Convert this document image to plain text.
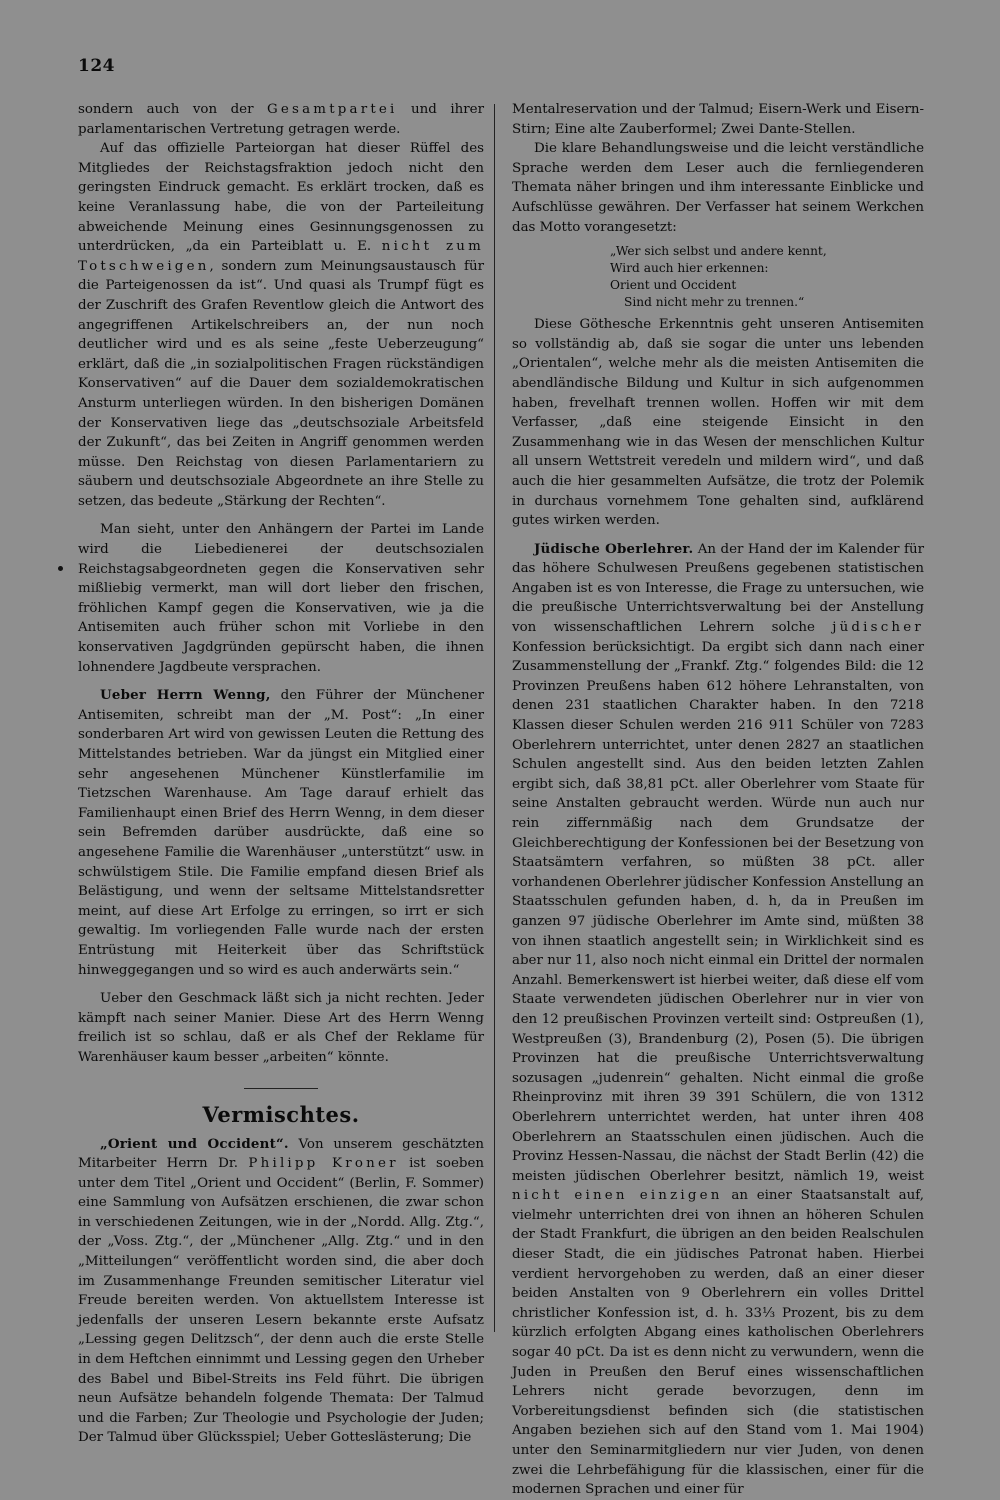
124

sondern auch von der Gesamtpartei und ihrer parlamentarischen Vertretung getragen werde.

Auf das offizielle Parteiorgan hat dieser Rüffel des Mitgliedes der Reichstagsfraktion jedoch nicht den geringsten Eindruck gemacht. Es erklärt trocken, daß es keine Veranlassung habe, die von der Parteileitung abweichende Meinung eines Gesinnungsgenossen zu unterdrücken, „da ein Parteiblatt u. E. nicht zum Totschweigen, sondern zum Meinungsaustausch für die Parteigenossen da ist“. Und quasi als Trumpf fügt es der Zuschrift des Grafen Reventlow gleich die Antwort des angegriffenen Artikelschreibers an, der nun noch deutlicher wird und es als seine „feste Ueberzeugung“ erklärt, daß die „in sozialpolitischen Fragen rückständigen Konservativen“ auf die Dauer dem sozialdemokratischen Ansturm unterliegen würden. In den bisherigen Domänen der Konservativen liege das „deutschsoziale Arbeitsfeld der Zukunft“, das bei Zeiten in Angriff genommen werden müsse. Den Reichstag von diesen Parlamentariern zu säubern und deutschsoziale Abgeordnete an ihre Stelle zu setzen, das bedeute „Stärkung der Rechten“.

Man sieht, unter den Anhängern der Partei im Lande wird die Liebedienerei der deutschsozialen Reichstagsabgeordneten gegen die Konservativen sehr mißliebig vermerkt, man will dort lieber den frischen, fröhlichen Kampf gegen die Konservativen, wie ja die Antisemiten auch früher schon mit Vorliebe in den konservativen Jagdgründen gepürscht haben, die ihnen lohnendere Jagdbeute versprachen.

Ueber Herrn Wenng, den Führer der Münchener Antisemiten, schreibt man der „M. Post“: „In einer sonderbaren Art wird von gewissen Leuten die Rettung des Mittelstandes betrieben. War da jüngst ein Mitglied einer sehr angesehenen Münchener Künstlerfamilie im Tietzschen Warenhause. Am Tage darauf erhielt das Familienhaupt einen Brief des Herrn Wenng, in dem dieser sein Befremden darüber ausdrückte, daß eine so angesehene Familie die Warenhäuser „unterstützt“ usw. in schwülstigem Stile. Die Familie empfand diesen Brief als Belästigung, und wenn der seltsame Mittelstandsretter meint, auf diese Art Erfolge zu erringen, so irrt er sich gewaltig. Im vorliegenden Falle wurde nach der ersten Entrüstung mit Heiterkeit über das Schriftstück hinweggegangen und so wird es auch anderwärts sein.“

Ueber den Geschmack läßt sich ja nicht rechten. Jeder kämpft nach seiner Manier. Diese Art des Herrn Wenng freilich ist so schlau, daß er als Chef der Reklame für Warenhäuser kaum besser „arbeiten“ könnte.

Vermischtes.

„Orient und Occident“. Von unserem geschätzten Mitarbeiter Herrn Dr. Philipp Kroner ist soeben unter dem Titel „Orient und Occident“ (Berlin, F. Sommer) eine Sammlung von Aufsätzen erschienen, die zwar schon in verschiedenen Zeitungen, wie in der „Nordd. Allg. Ztg.“, der „Voss. Ztg.“, der „Münchener „Allg. Ztg.“ und in den „Mitteilungen“ veröffentlicht worden sind, die aber doch im Zusammenhange Freunden semitischer Literatur viel Freude bereiten werden. Von aktuellstem Interesse ist jedenfalls der unseren Lesern bekannte erste Aufsatz „Lessing gegen Delitzsch“, der denn auch die erste Stelle in dem Heftchen einnimmt und Lessing gegen den Urheber des Babel und Bibel-Streits ins Feld führt. Die übrigen neun Aufsätze behandeln folgende Themata: Der Talmud und die Farben; Zur Theologie und Psychologie der Juden; Der Talmud über Glücksspiel; Ueber Gotteslästerung; Die

Mentalreservation und der Talmud; Eisern-Werk und Eisern-Stirn; Eine alte Zauberformel; Zwei Dante-Stellen.

Die klare Behandlungsweise und die leicht verständliche Sprache werden dem Leser auch die fernliegenderen Themata näher bringen und ihm interessante Einblicke und Aufschlüsse gewähren. Der Verfasser hat seinem Werkchen das Motto vorangesetzt:

„Wer sich selbst und andere kennt,
Wird auch hier erkennen:
Orient und Occident
Sind nicht mehr zu trennen.“

Diese Göthesche Erkenntnis geht unseren Antisemiten so vollständig ab, daß sie sogar die unter uns lebenden „Orientalen“, welche mehr als die meisten Antisemiten die abendländische Bildung und Kultur in sich aufgenommen haben, frevelhaft trennen wollen. Hoffen wir mit dem Verfasser, „daß eine steigende Einsicht in den Zusammenhang wie in das Wesen der menschlichen Kultur all unsern Wettstreit veredeln und mildern wird“, und daß auch die hier gesammelten Aufsätze, die trotz der Polemik in durchaus vornehmem Tone gehalten sind, aufklärend gutes wirken werden.

Jüdische Oberlehrer. An der Hand der im Kalender für das höhere Schulwesen Preußens gegebenen statistischen Angaben ist es von Interesse, die Frage zu untersuchen, wie die preußische Unterrichtsverwaltung bei der Anstellung von wissenschaftlichen Lehrern solche jüdischer Konfession berücksichtigt. Da ergibt sich dann nach einer Zusammenstellung der „Frankf. Ztg.“ folgendes Bild: die 12 Provinzen Preußens haben 612 höhere Lehranstalten, von denen 231 staatlichen Charakter haben. In den 7218 Klassen dieser Schulen werden 216 911 Schüler von 7283 Oberlehrern unterrichtet, unter denen 2827 an staatlichen Schulen angestellt sind. Aus den beiden letzten Zahlen ergibt sich, daß 38,81 pCt. aller Oberlehrer vom Staate für seine Anstalten gebraucht werden. Würde nun auch nur rein ziffernmäßig nach dem Grundsatze der Gleichberechtigung der Konfessionen bei der Besetzung von Staatsämtern verfahren, so müßten 38 pCt. aller vorhandenen Oberlehrer jüdischer Konfession Anstellung an Staatsschulen gefunden haben, d. h, da in Preußen im ganzen 97 jüdische Oberlehrer im Amte sind, müßten 38 von ihnen staatlich angestellt sein; in Wirklichkeit sind es aber nur 11, also noch nicht einmal ein Drittel der normalen Anzahl. Bemerkenswert ist hierbei weiter, daß diese elf vom Staate verwendeten jüdischen Oberlehrer nur in vier von den 12 preußischen Provinzen verteilt sind: Ostpreußen (1), Westpreußen (3), Brandenburg (2), Posen (5). Die übrigen Provinzen hat die preußische Unterrichtsverwaltung sozusagen „judenrein“ gehalten. Nicht einmal die große Rheinprovinz mit ihren 39 391 Schülern, die von 1312 Oberlehrern unterrichtet werden, hat unter ihren 408 Oberlehrern an Staatsschulen einen jüdischen. Auch die Provinz Hessen-Nassau, die nächst der Stadt Berlin (42) die meisten jüdischen Oberlehrer besitzt, nämlich 19, weist nicht einen einzigen an einer Staatsanstalt auf, vielmehr unterrichten drei von ihnen an höheren Schulen der Stadt Frankfurt, die übrigen an den beiden Realschulen dieser Stadt, die ein jüdisches Patronat haben. Hierbei verdient hervorgehoben zu werden, daß an einer dieser beiden Anstalten von 9 Oberlehrern ein volles Drittel christlicher Konfession ist, d. h. 33⅓ Prozent, bis zu dem kürzlich erfolgten Abgang eines katholischen Oberlehrers sogar 40 pCt. Da ist es denn nicht zu verwundern, wenn die Juden in Preußen den Beruf eines wissenschaftlichen Lehrers nicht gerade bevorzugen, denn im Vorbereitungsdienst befinden sich (die statistischen Angaben beziehen sich auf den Stand vom 1. Mai 1904) unter den Seminarmitgliedern nur vier Juden, von denen zwei die Lehrbefähigung für die klassischen, einer für die modernen Sprachen und einer für
